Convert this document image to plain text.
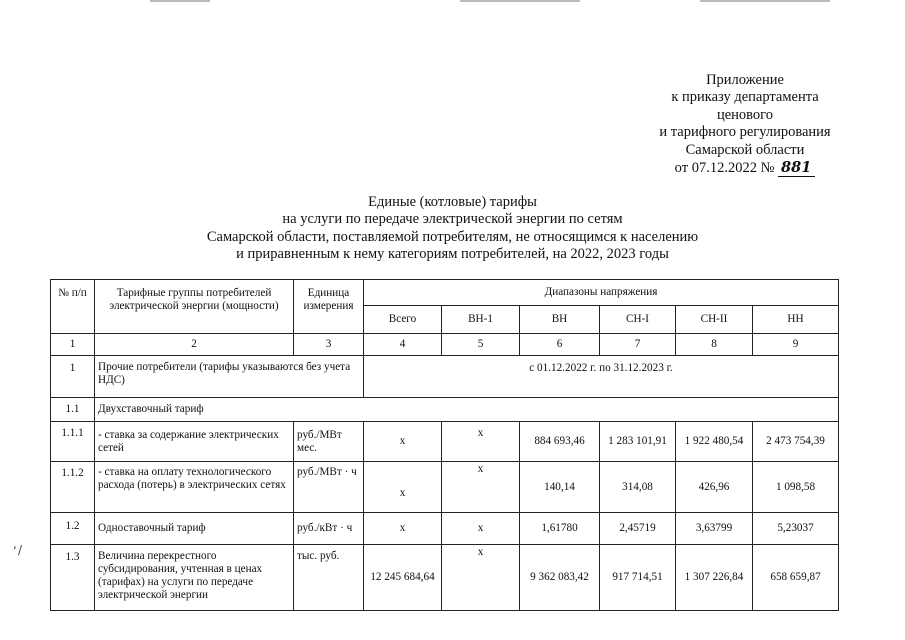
, /
Приложение
к приказу департамента
ценового
и тарифного регулирования
Самарской области
от 07.12.2022 № 881
Единые (котловые) тарифы
на услуги по передаче электрической энергии по сетям
Самарской области, поставляемой потребителям, не относящимся к населению
и приравненным к нему категориям потребителей, на 2022, 2023 годы
№ п/п	Тарифные группы потребителей электрической энергии (мощности)	Единица измерения	Диапазоны напряжения					
			Всего	ВН-1	ВН	СН-I	СН-II	НН
1	2	3	4	5	6	7	8	9
1	Прочие потребители (тарифы указываются без учета НДС)		с 01.12.2022 г. по 31.12.2023 г.					
1.1	Двухставочный тариф							
1.1.1	- ставка за содержание электрических сетей	руб./МВт мес.	х	х	884 693,46	1 283 101,91	1 922 480,54	2 473 754,39
1.1.2	- ставка на оплату технологического расхода (потерь) в электрических сетях	руб./МВт · ч	х	х	140,14	314,08	426,96	1 098,58
1.2	Одноставочный тариф	руб./кВт · ч	х	х	1,61780	2,45719	3,63799	5,23037
1.3	Величина перекрестного субсидирования, учтенная в ценах (тарифах) на услуги по передаче электрической энергии	тыс. руб.	12 245 684,64	х	9 362 083,42	917 714,51	1 307 226,84	658 659,87
